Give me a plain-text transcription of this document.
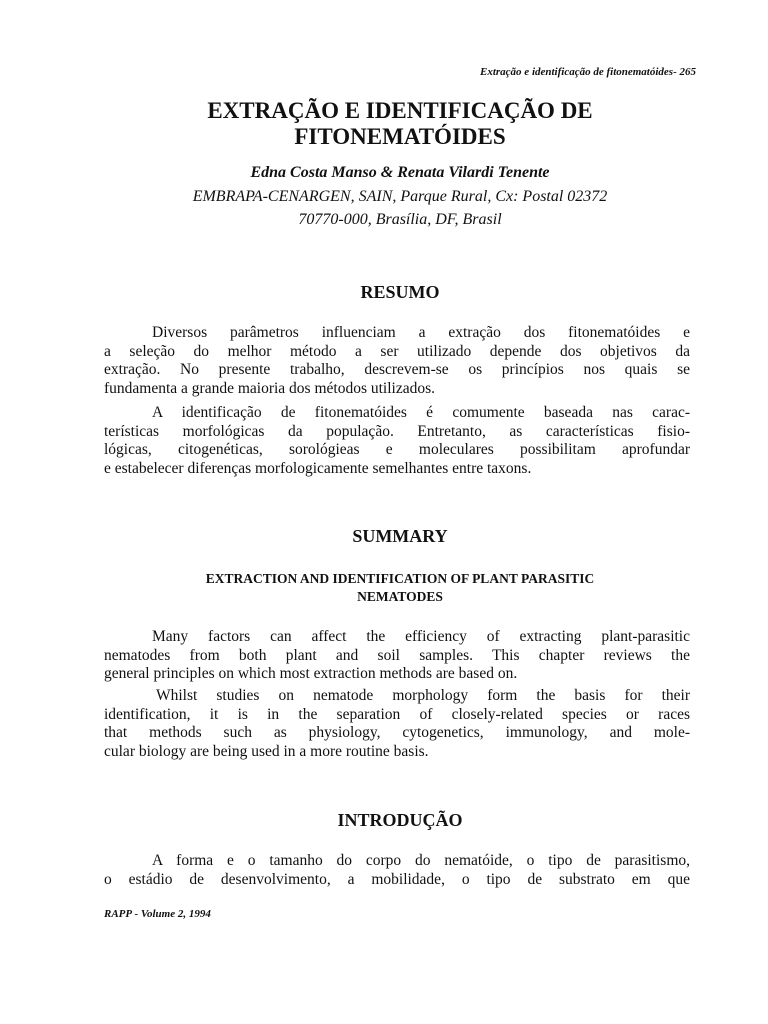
Extração e identificação de fitonematóides- 265
EXTRAÇÃO E IDENTIFICAÇÃO DE
FITONEMATÓIDES
Edna Costa Manso & Renata Vilardi Tenente
EMBRAPA-CENARGEN, SAIN, Parque Rural, Cx: Postal 02372
70770-000, Brasília, DF, Brasil
RESUMO
Diversos parâmetros influenciam a extração dos fitonematóides e
a seleção do melhor método a ser utilizado depende dos objetivos da
extração. No presente trabalho, descrevem-se os princípios nos quais se
fundamenta a grande maioria dos métodos utilizados.
A identificação de fitonematóides é comumente baseada nas carac-
terísticas morfológicas da população. Entretanto, as características fisio-
lógicas, citogenéticas, sorológieas e moleculares possibilitam aprofundar
e estabelecer diferenças morfologicamente semelhantes entre taxons.
SUMMARY
EXTRACTION AND IDENTIFICATION OF PLANT PARASITIC
NEMATODES
Many factors can affect the efficiency of extracting plant-parasitic
nematodes from both plant and soil samples. This chapter reviews the
general principles on which most extraction methods are based on.
Whilst studies on nematode morphology form the basis for their
identification, it is in the separation of closely-related species or races
that methods such as physiology, cytogenetics, immunology, and mole-
cular biology are being used in a more routine basis.
INTRODUÇÃO
A forma e o tamanho do corpo do nematóide, o tipo de parasitismo,
o estádio de desenvolvimento, a mobilidade, o tipo de substrato em que
RAPP - Volume 2, 1994
